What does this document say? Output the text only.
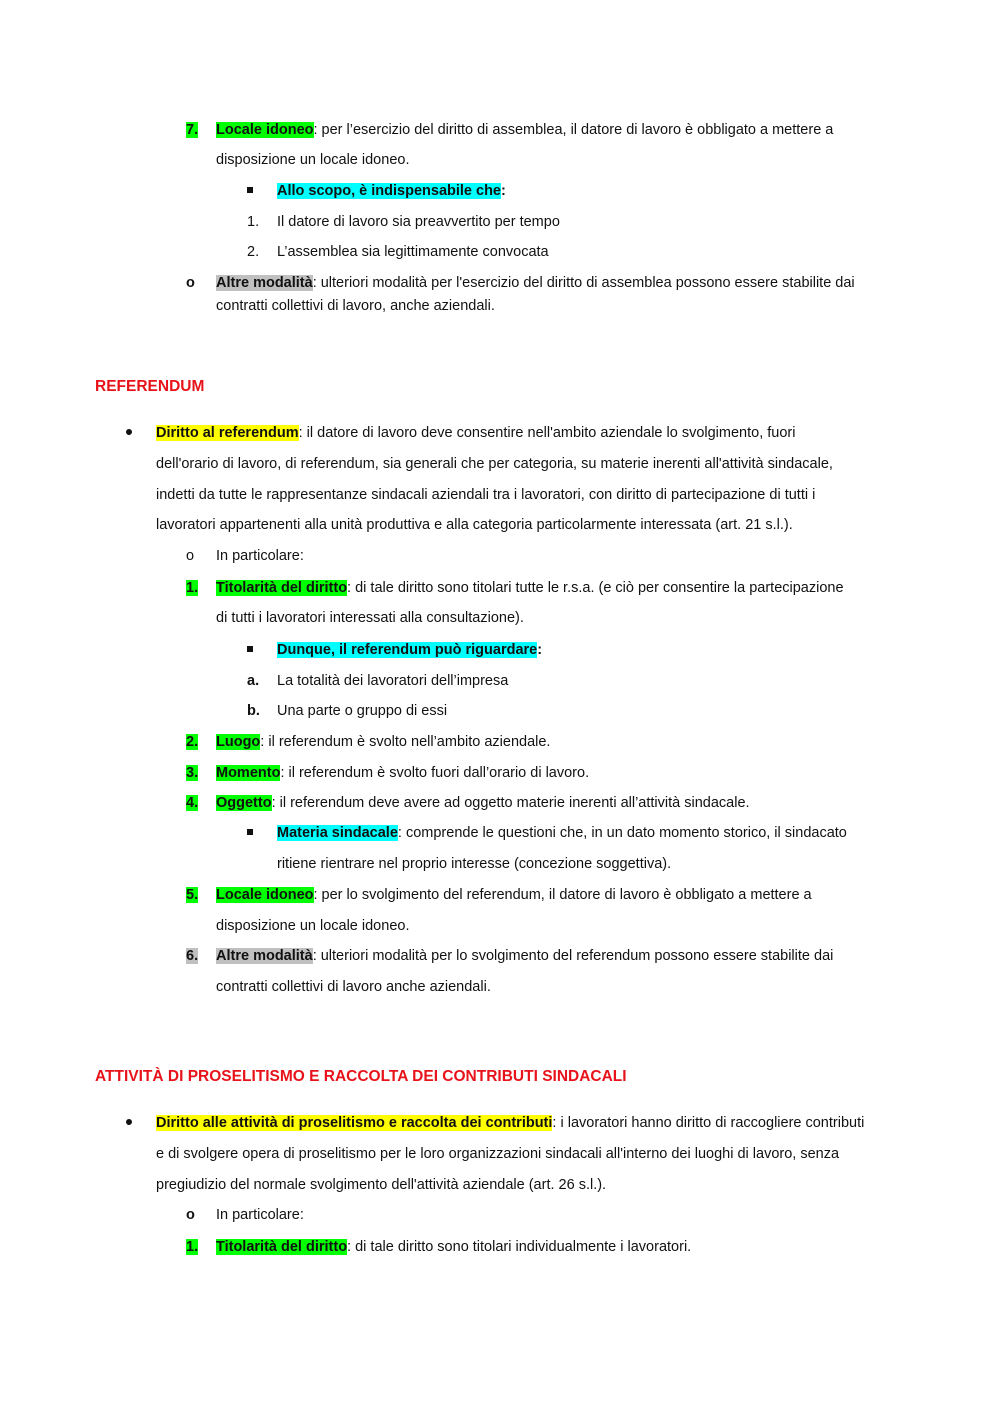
7. Locale idoneo: per l’esercizio del diritto di assemblea, il datore di lavoro è obbligato a mettere a
disposizione un locale idoneo.
Allo scopo, è indispensabile che:
1. Il datore di lavoro sia preavvertito per tempo
2. L’assemblea sia legittimamente convocata
o Altre modalità: ulteriori modalità per l'esercizio del diritto di assemblea possono essere stabilite dai
contratti collettivi di lavoro, anche aziendali.
REFERENDUM
Diritto al referendum: il datore di lavoro deve consentire nell'ambito aziendale lo svolgimento, fuori
dell'orario di lavoro, di referendum, sia generali che per categoria, su materie inerenti all'attività sindacale,
indetti da tutte le rappresentanze sindacali aziendali tra i lavoratori, con diritto di partecipazione di tutti i
lavoratori appartenenti alla unità produttiva e alla categoria particolarmente interessata (art. 21 s.l.).
o In particolare:
1. Titolarità del diritto: di tale diritto sono titolari tutte le r.s.a. (e ciò per consentire la partecipazione
di tutti i lavoratori interessati alla consultazione).
Dunque, il referendum può riguardare:
a. La totalità dei lavoratori dell’impresa
b. Una parte o gruppo di essi
2. Luogo: il referendum è svolto nell’ambito aziendale.
3. Momento: il referendum è svolto fuori dall’orario di lavoro.
4. Oggetto: il referendum deve avere ad oggetto materie inerenti all’attività sindacale.
Materia sindacale: comprende le questioni che, in un dato momento storico, il sindacato
ritiene rientrare nel proprio interesse (concezione soggettiva).
5. Locale idoneo: per lo svolgimento del referendum, il datore di lavoro è obbligato a mettere a
disposizione un locale idoneo.
6. Altre modalità: ulteriori modalità per lo svolgimento del referendum possono essere stabilite dai
contratti collettivi di lavoro anche aziendali.
ATTIVITÀ DI PROSELITISMO E RACCOLTA DEI CONTRIBUTI SINDACALI
Diritto alle attività di proselitismo e raccolta dei contributi: i lavoratori hanno diritto di raccogliere contributi
e di svolgere opera di proselitismo per le loro organizzazioni sindacali all'interno dei luoghi di lavoro, senza
pregiudizio del normale svolgimento dell'attività aziendale (art. 26 s.l.).
o In particolare:
1. Titolarità del diritto: di tale diritto sono titolari individualmente i lavoratori.
